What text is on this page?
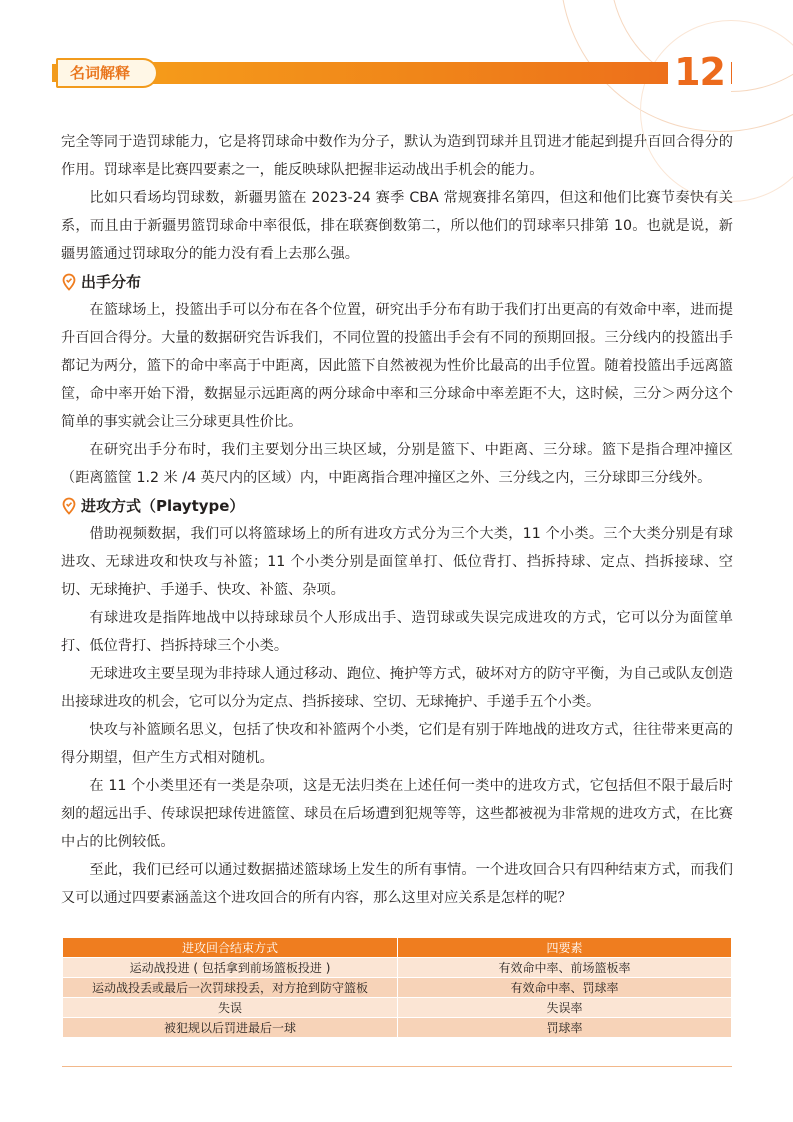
名词解释	12

完全等同于造罚球能力，它是将罚球命中数作为分子，默认为造到罚球并且罚进才能起到提升百回合得分的作用。罚球率是比赛四要素之一，能反映球队把握非运动战出手机会的能力。

比如只看场均罚球数，新疆男篮在 2023-24 赛季 CBA 常规赛排名第四，但这和他们比赛节奏快有关系，而且由于新疆男篮罚球命中率很低，排在联赛倒数第二，所以他们的罚球率只排第 10。也就是说，新疆男篮通过罚球取分的能力没有看上去那么强。

出手分布

在篮球场上，投篮出手可以分布在各个位置，研究出手分布有助于我们打出更高的有效命中率，进而提升百回合得分。大量的数据研究告诉我们，不同位置的投篮出手会有不同的预期回报。三分线内的投篮出手都记为两分，篮下的命中率高于中距离，因此篮下自然被视为性价比最高的出手位置。随着投篮出手远离篮筐，命中率开始下滑，数据显示远距离的两分球命中率和三分球命中率差距不大，这时候，三分＞两分这个简单的事实就会让三分球更具性价比。

在研究出手分布时，我们主要划分出三块区域，分别是篮下、中距离、三分球。篮下是指合理冲撞区（距离篮筐 1.2 米 /4 英尺内的区域）内，中距离指合理冲撞区之外、三分线之内，三分球即三分线外。

进攻方式（Playtype）

借助视频数据，我们可以将篮球场上的所有进攻方式分为三个大类，11 个小类。三个大类分别是有球进攻、无球进攻和快攻与补篮；11 个小类分别是面筐单打、低位背打、挡拆持球、定点、挡拆接球、空切、无球掩护、手递手、快攻、补篮、杂项。

有球进攻是指阵地战中以持球球员个人形成出手、造罚球或失误完成进攻的方式，它可以分为面筐单打、低位背打、挡拆持球三个小类。

无球进攻主要呈现为非持球人通过移动、跑位、掩护等方式，破坏对方的防守平衡，为自己或队友创造出接球进攻的机会，它可以分为定点、挡拆接球、空切、无球掩护、手递手五个小类。

快攻与补篮顾名思义，包括了快攻和补篮两个小类，它们是有别于阵地战的进攻方式，往往带来更高的得分期望，但产生方式相对随机。

在 11 个小类里还有一类是杂项，这是无法归类在上述任何一类中的进攻方式，它包括但不限于最后时刻的超远出手、传球误把球传进篮筐、球员在后场遭到犯规等等，这些都被视为非常规的进攻方式，在比赛中占的比例较低。

至此，我们已经可以通过数据描述篮球场上发生的所有事情。一个进攻回合只有四种结束方式，而我们又可以通过四要素涵盖这个进攻回合的所有内容，那么这里对应关系是怎样的呢？

进攻回合结束方式	四要素
运动战投进 ( 包括拿到前场篮板投进 )	有效命中率、前场篮板率
运动战投丢或最后一次罚球投丢，对方抢到防守篮板	有效命中率、罚球率
失误	失误率
被犯规以后罚进最后一球	罚球率
